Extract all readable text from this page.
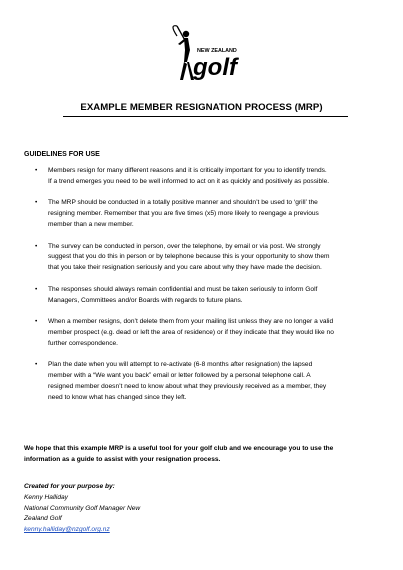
NEW ZEALAND
golf
EXAMPLE MEMBER RESIGNATION PROCESS (MRP)
GUIDELINES FOR USE
• Members resign for many different reasons and it is critically important for you to identify trends.
If a trend emerges you need to be well informed to act on it as quickly and positively as possible.
• The MRP should be conducted in a totally positive manner and shouldn’t be used to ‘grill’ the
resigning member. Remember that you are five times (x5) more likely to reengage a previous
member than a new member.
• The survey can be conducted in person, over the telephone, by email or via post. We strongly
suggest that you do this in person or by telephone because this is your opportunity to show them
that you take their resignation seriously and you care about why they have made the decision.
• The responses should always remain confidential and must be taken seriously to inform Golf
Managers, Committees and/or Boards with regards to future plans.
• When a member resigns, don’t delete them from your mailing list unless they are no longer a valid
member prospect (e.g. dead or left the area of residence) or if they indicate that they would like no
further correspondence.
• Plan the date when you will attempt to re-activate (6-8 months after resignation) the lapsed
member with a “We want you back” email or letter followed by a personal telephone call. A
resigned member doesn’t need to know about what they previously received as a member, they
need to know what has changed since they left.
We hope that this example MRP is a useful tool for your golf club and we encourage you to use the
information as a guide to assist with your resignation process.
Created for your purpose by:
Kenny Halliday
National Community Golf Manager New
Zealand Golf
kenny.halliday@nzgolf.org.nz
